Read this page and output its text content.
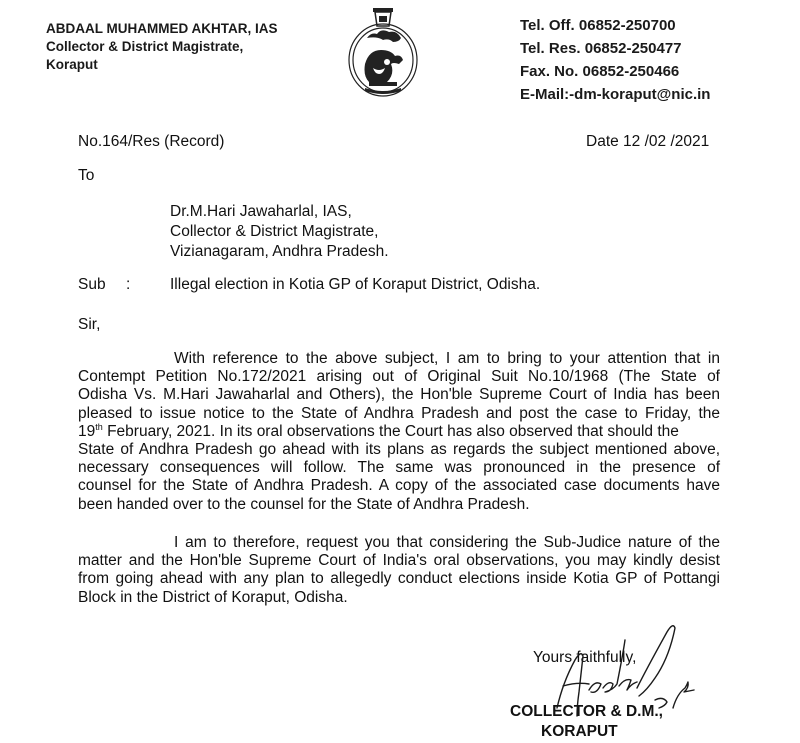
ABDAAL MUHAMMED AKHTAR, IAS
Collector & District Magistrate,
Koraput
Tel. Off. 06852-250700
Tel. Res. 06852-250477
Fax. No. 06852-250466
E-Mail:-dm-koraput@nic.in
No.164/Res (Record)	Date 12 /02 /2021
To
Dr.M.Hari Jawaharlal, IAS,
Collector & District Magistrate,
Vizianagaram, Andhra Pradesh.
Sub :	Illegal election in Kotia GP of Koraput District, Odisha.
Sir,

With reference to the above subject, I am to bring to your attention that in
Contempt Petition No.172/2021 arising out of Original Suit No.10/1968 (The State of
Odisha Vs. M.Hari Jawaharlal and Others), the Hon'ble Supreme Court of India has been
pleased to issue notice to the State of Andhra Pradesh and post the case to Friday, the
19th February, 2021. In its oral observations the Court has also observed that should the
State of Andhra Pradesh go ahead with its plans as regards the subject mentioned above,
necessary consequences will follow. The same was pronounced in the presence of
counsel for the State of Andhra Pradesh. A copy of the associated case documents have
been handed over to the counsel for the State of Andhra Pradesh.

I am to therefore, request you that considering the Sub-Judice nature of the
matter and the Hon'ble Supreme Court of India's oral observations, you may kindly desist
from going ahead with any plan to allegedly conduct elections inside Kotia GP of Pottangi
Block in the District of Koraput, Odisha.

Yours faithfully,
COLLECTOR & D.M.,
KORAPUT
